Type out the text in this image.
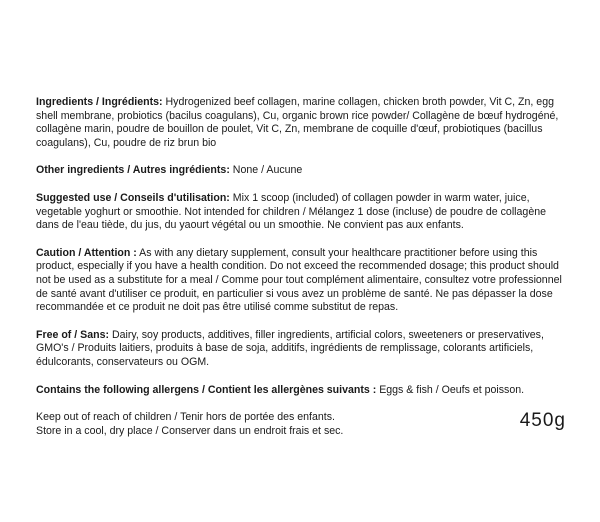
Ingredients / Ingrédients: Hydrogenized beef collagen, marine collagen, chicken broth powder, Vit C, Zn, egg shell membrane, probiotics (bacilus coagulans), Cu, organic brown rice powder/ Collagène de bœuf hydrogéné, collagène marin, poudre de bouillon de poulet, Vit C, Zn, membrane de coquille d'œuf, probiotiques (bacillus coagulans), Cu, poudre de riz brun bio

Other ingredients / Autres ingrédients: None / Aucune

Suggested use / Conseils d'utilisation: Mix 1 scoop (included) of collagen powder in warm water, juice, vegetable yoghurt or smoothie. Not intended for children / Mélangez 1 dose (incluse) de poudre de collagène dans de l'eau tiède, du jus, du yaourt végétal ou un smoothie. Ne convient pas aux enfants.

Caution / Attention : As with any dietary supplement, consult your healthcare practitioner before using this product, especially if you have a health condition. Do not exceed the recommended dosage; this product should not be used as a substitute for a meal / Comme pour tout complément alimentaire, consultez votre professionnel de santé avant d'utiliser ce produit, en particulier si vous avez un problème de santé. Ne pas dépasser la dose recommandée et ce produit ne doit pas être utilisé comme substitut de repas.

Free of / Sans: Dairy, soy products, additives, filler ingredients, artificial colors, sweeteners or preservatives, GMO's / Produits laitiers, produits à base de soja, additifs, ingrédients de remplissage, colorants artificiels, édulcorants, conservateurs ou OGM.

Contains the following allergens / Contient les allergènes suivants : Eggs & fish / Oeufs et poisson.

Keep out of reach of children / Tenir hors de portée des enfants.
Store in a cool, dry place / Conserver dans un endroit frais et sec.	450g
